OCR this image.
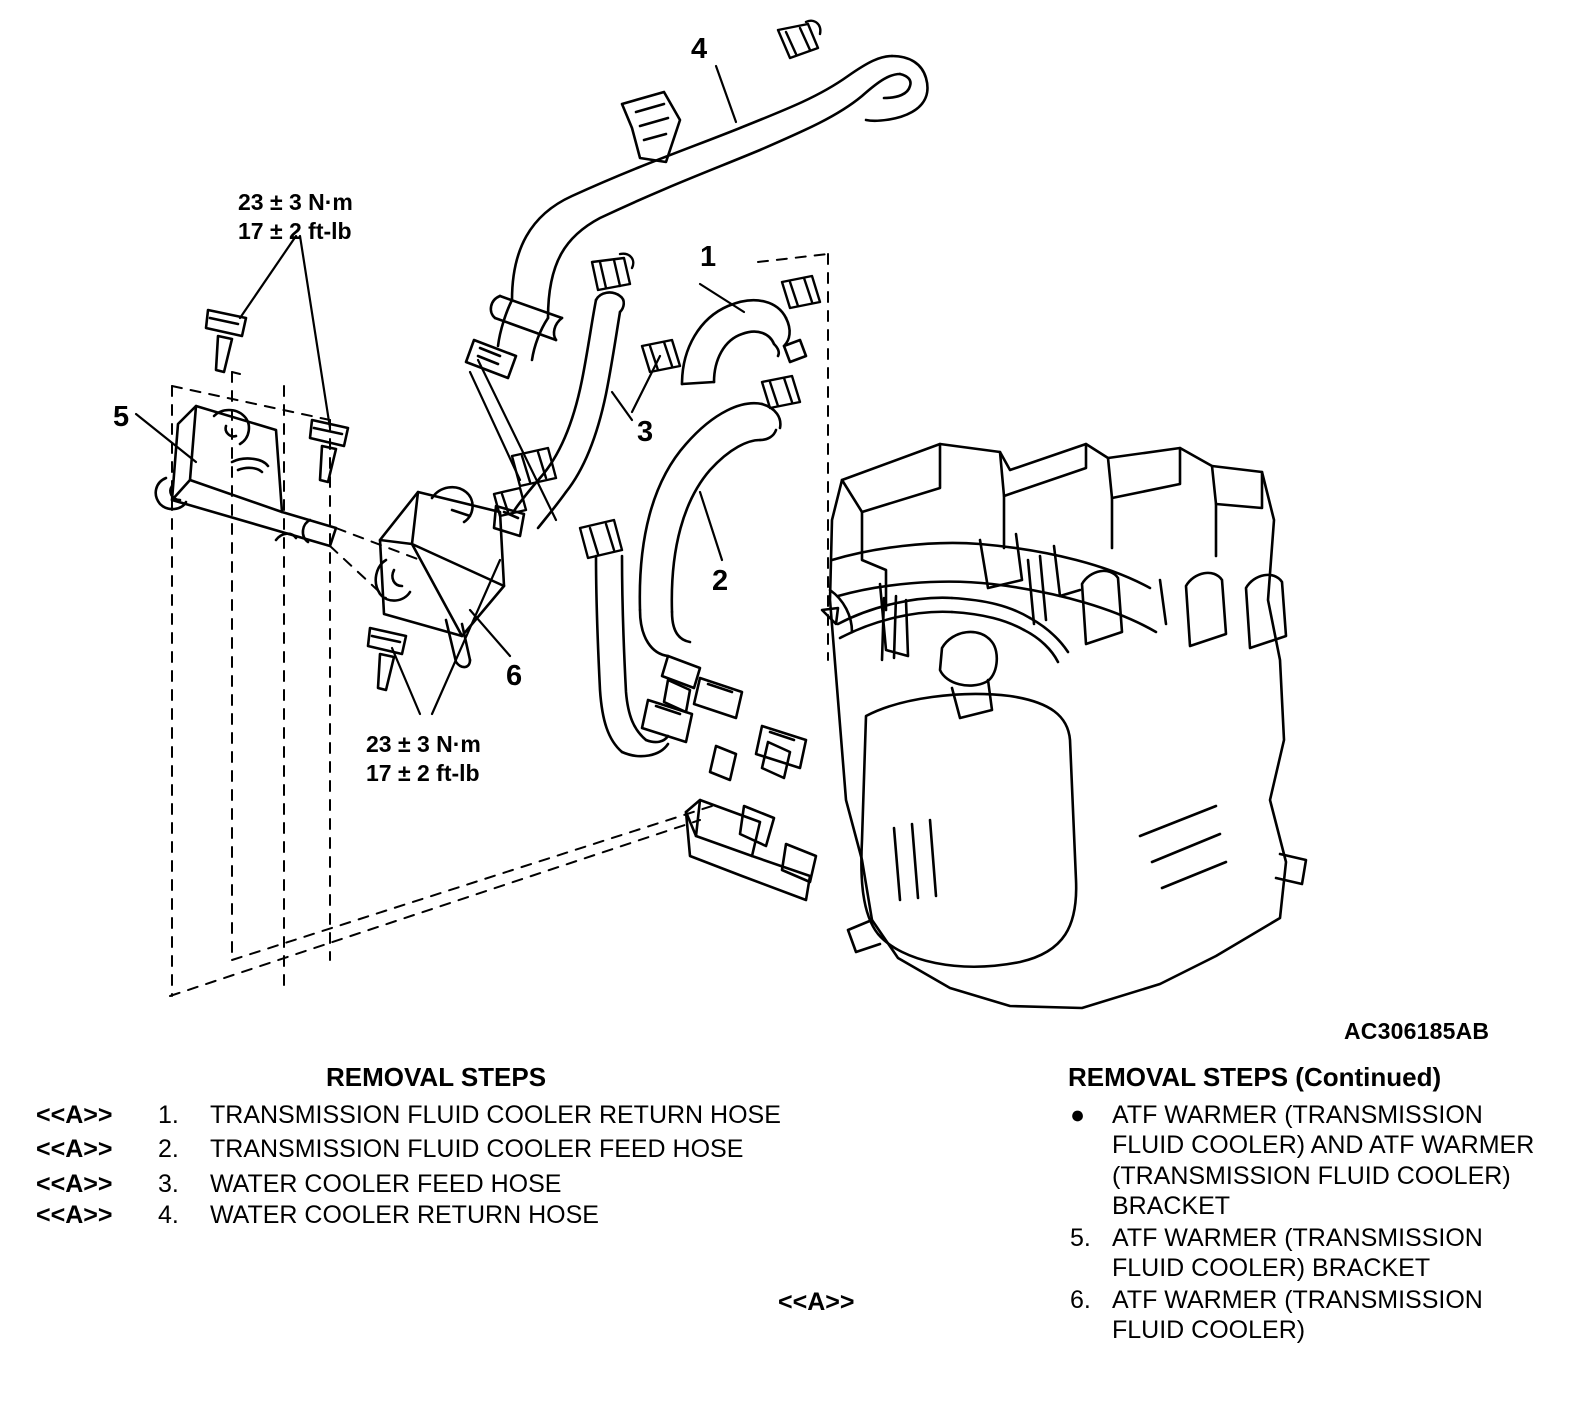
4
1
3
2
5
6
23 ± 3 N·m
17 ± 2 ft-lb
23 ± 3 N·m
17 ± 2 ft-lb
AC306185AB
<<A>>
REMOVAL STEPS
<<A>>	1.	TRANSMISSION FLUID COOLER RETURN HOSE
<<A>>	2.	TRANSMISSION FLUID COOLER FEED HOSE
<<A>>	3.	WATER COOLER FEED HOSE
<<A>>	4.	WATER COOLER RETURN HOSE
REMOVAL STEPS (Continued)
●	ATF WARMER (TRANSMISSION FLUID COOLER) AND ATF WARMER (TRANSMISSION FLUID COOLER) BRACKET
5. ATF WARMER (TRANSMISSION FLUID COOLER) BRACKET
6. ATF WARMER (TRANSMISSION FLUID COOLER)
